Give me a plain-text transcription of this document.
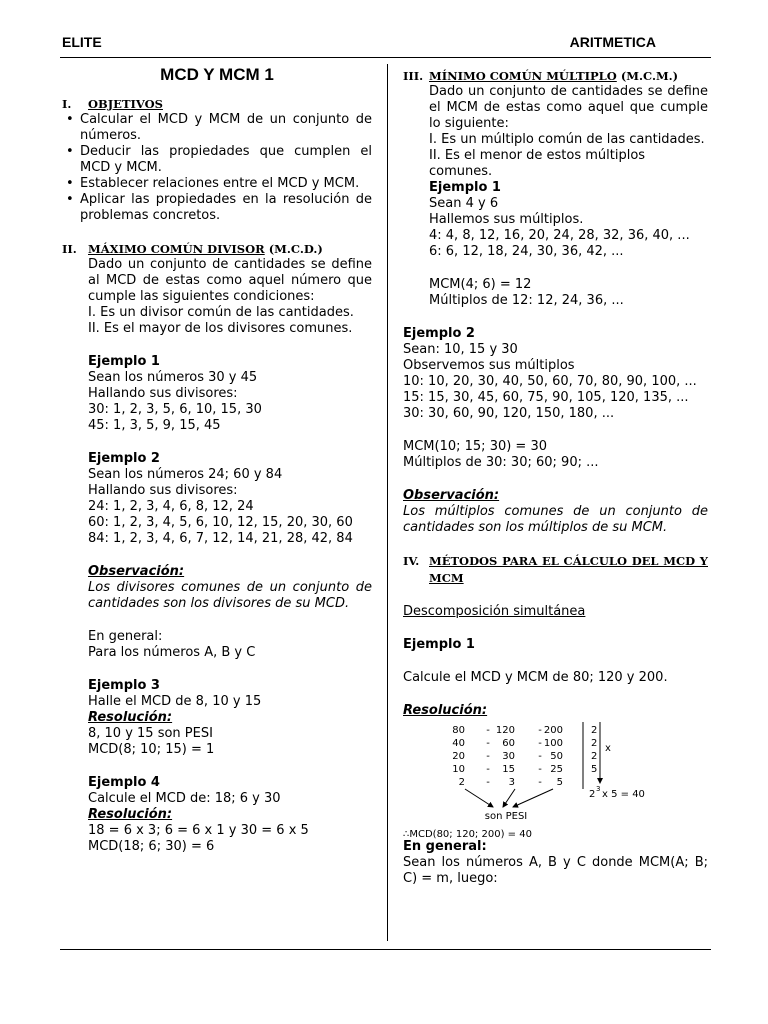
ELITE	ARITMETICA
MCD Y MCM 1
I.	OBJETIVOS
• Calcular el MCD y MCM de un conjunto de números.
• Deducir las propiedades que cumplen el MCD y MCM.
• Establecer relaciones entre el MCD y MCM.
• Aplicar las propiedades en la resolución de problemas concretos.
II. MÁXIMO COMÚN DIVISOR (M.C.D.)
Dado un conjunto de cantidades se define al MCD de estas como aquel número que cumple las siguientes condiciones:
I. Es un divisor común de las cantidades.
II. Es el mayor de los divisores comunes.
Ejemplo 1
Sean los números 30 y 45
Hallando sus divisores:
30: 1, 2, 3, 5, 6, 10, 15, 30
45: 1, 3, 5, 9, 15, 45
Ejemplo 2
Sean los números 24; 60 y 84
Hallando sus divisores:
24: 1, 2, 3, 4, 6, 8, 12, 24
60: 1, 2, 3, 4, 5, 6, 10, 12, 15, 20, 30, 60
84: 1, 2, 3, 4, 6, 7, 12, 14, 21, 28, 42, 84
Observación:
Los divisores comunes de un conjunto de cantidades son los divisores de su MCD.
En general:
Para los números A, B y C
Ejemplo 3
Halle el MCD de 8, 10 y 15
Resolución:
8, 10 y 15 son PESI
MCD(8; 10; 15) = 1
Ejemplo 4
Calcule el MCD de: 18; 6 y 30
Resolución:
18 = 6 x 3; 6 = 6 x 1 y 30 = 6 x 5
MCD(18; 6; 30) = 6
III. MÍNIMO COMÚN MÚLTIPLO (M.C.M.)
Dado un conjunto de cantidades se define el MCM de estas como aquel que cumple lo siguiente:
I. Es un múltiplo común de las cantidades.
II. Es el menor de estos múltiplos comunes.
Ejemplo 1
Sean 4 y 6
Hallemos sus múltiplos.
4: 4, 8, 12, 16, 20, 24, 28, 32, 36, 40, ...
6: 6, 12, 18, 24, 30, 36, 42, ...
MCM(4; 6) = 12
Múltiplos de 12: 12, 24, 36, ...
Ejemplo 2
Sean: 10, 15 y 30
Observemos sus múltiplos
10: 10, 20, 30, 40, 50, 60, 70, 80, 90, 100, ...
15: 15, 30, 45, 60, 75, 90, 105, 120, 135, ...
30: 30, 60, 90, 120, 150, 180, ...
MCM(10; 15; 30) = 30
Múltiplos de 30: 30; 60; 90; ...
Observación:
Los múltiplos comunes de un conjunto de cantidades son los múltiplos de su MCM.
IV. MÉTODOS PARA EL CÁLCULO DEL MCD Y MCM
Descomposición simultánea
Ejemplo 1
Calcule el MCD y MCM de 80; 120 y 200.
Resolución:
80 - 120 - 200	2
40 - 60 - 100	2
20 - 30 - 50	2
10 - 15 - 25	5
2 - 3 - 5
x
2 3 x 5 = 40
son PESI
∴MCD(80; 120; 200) = 40
En general:
Sean los números A, B y C donde MCM(A; B; C) = m, luego:
